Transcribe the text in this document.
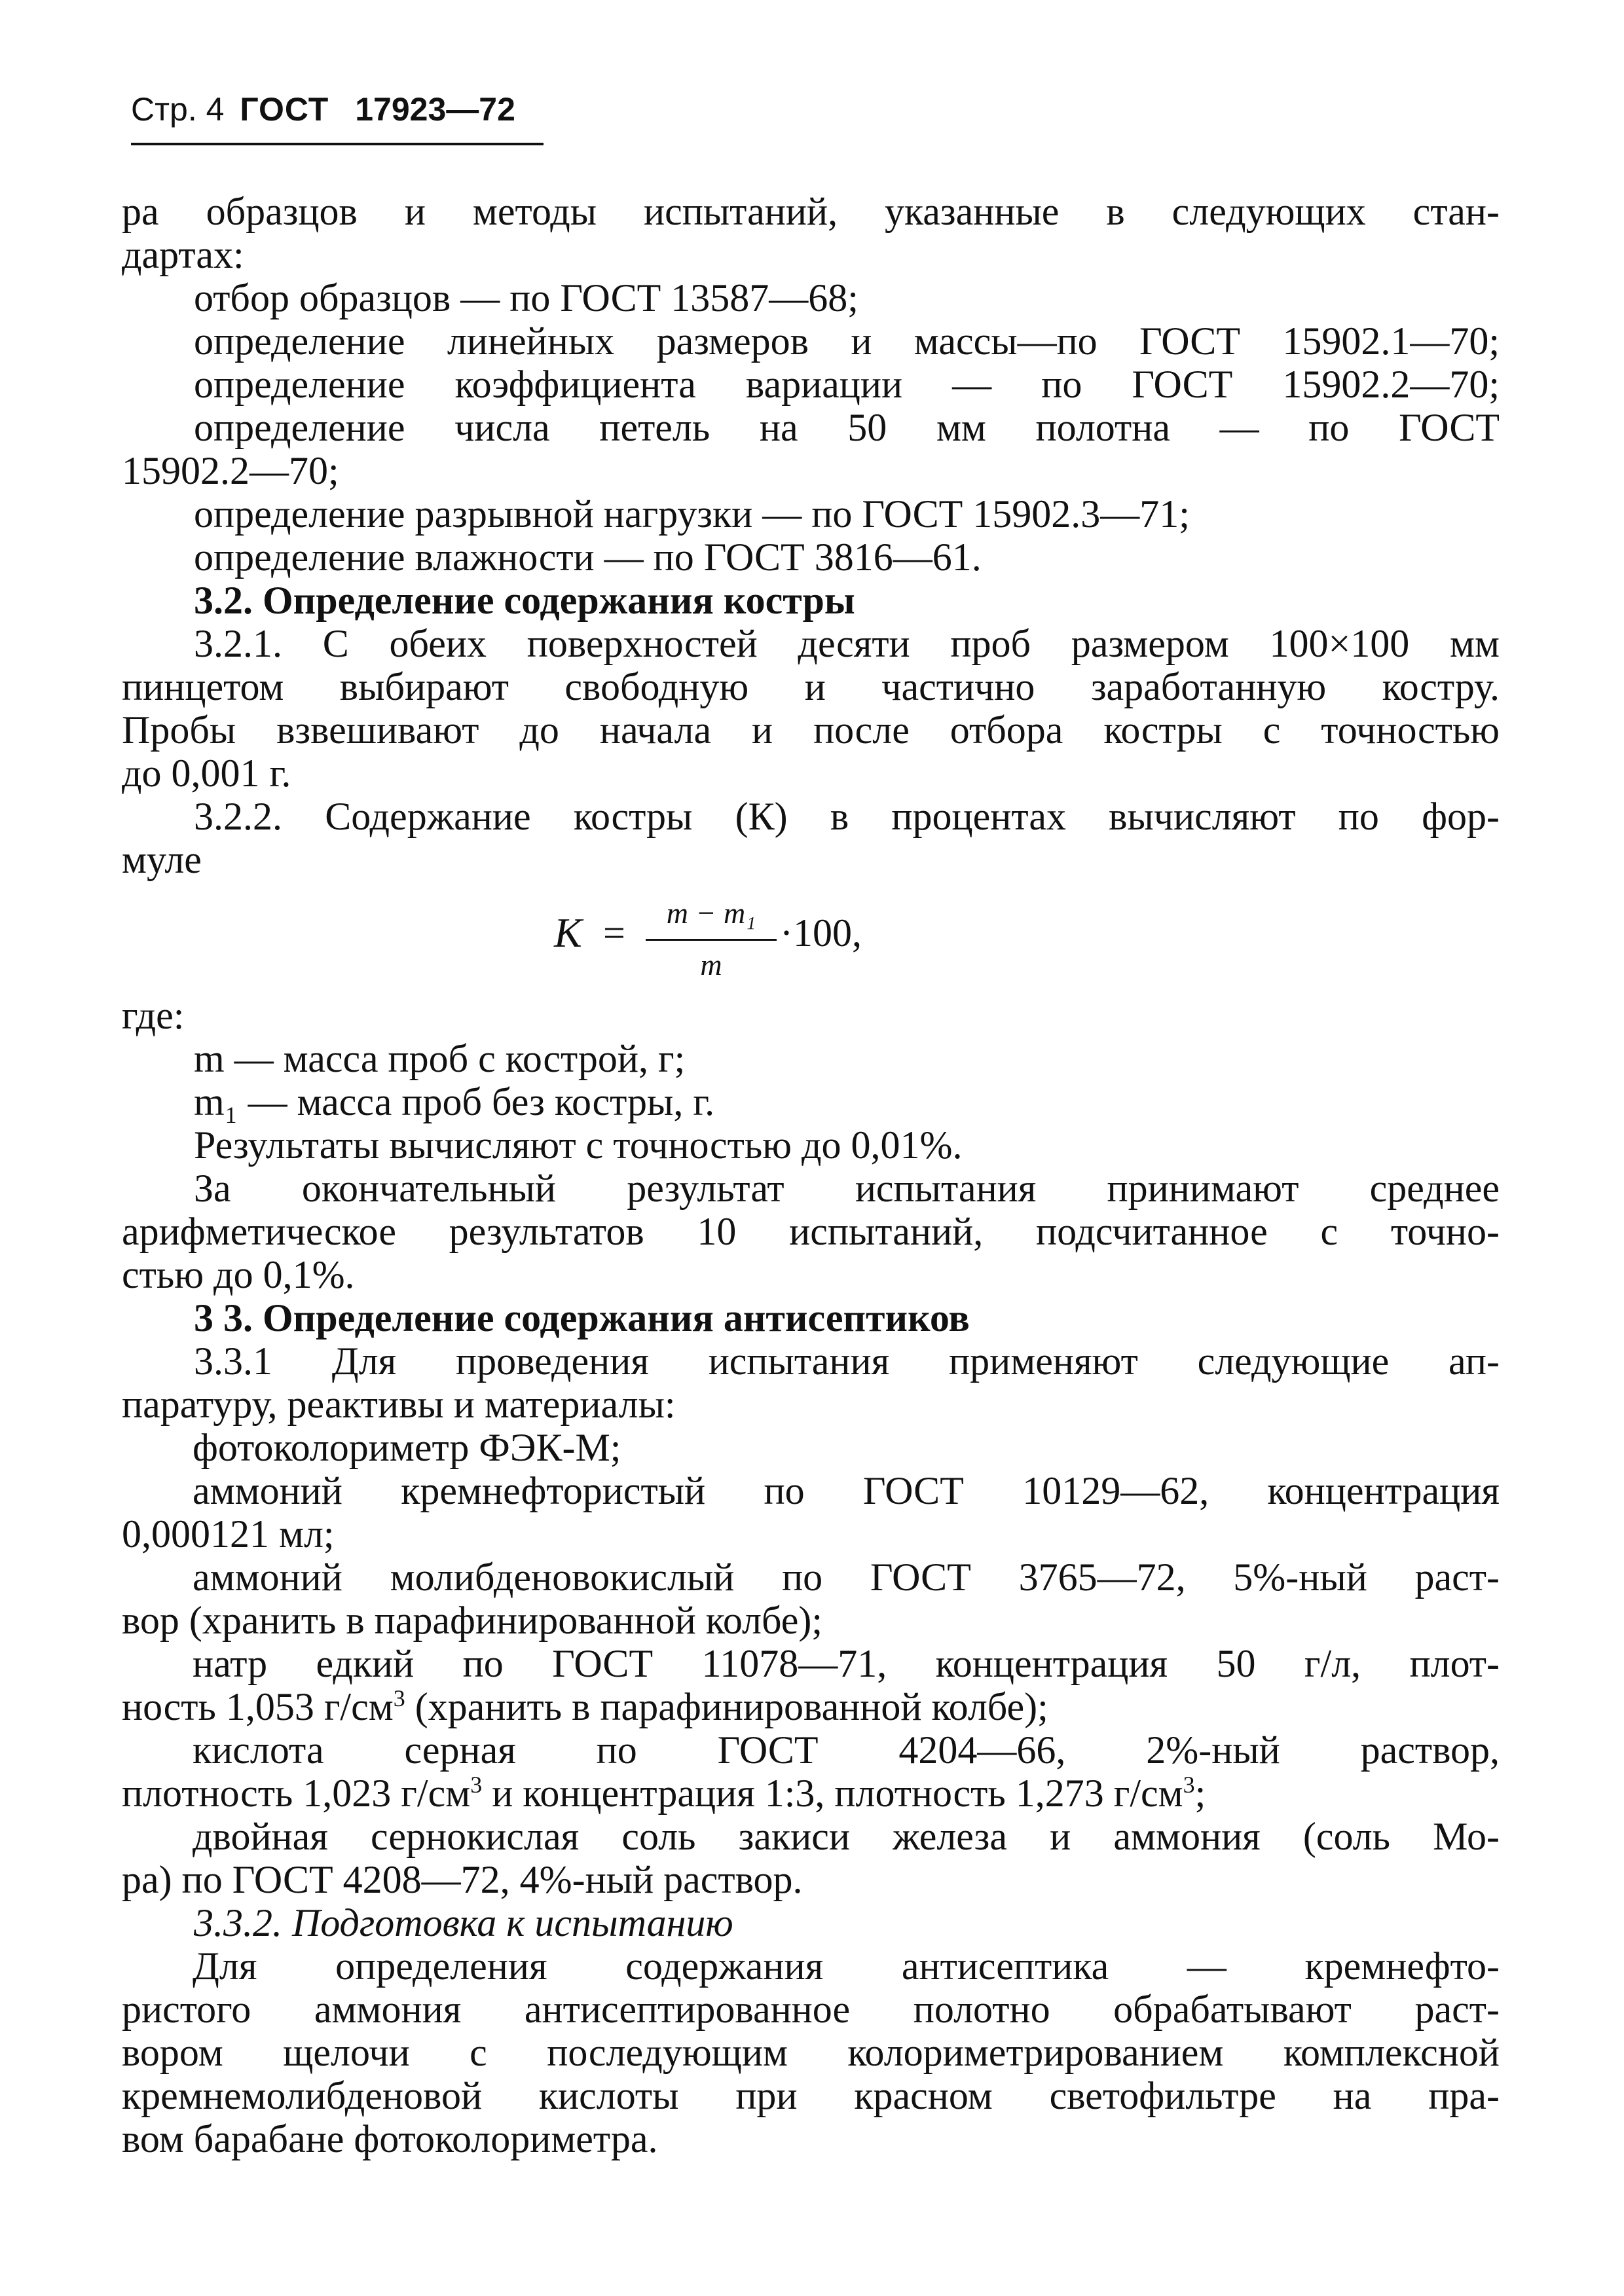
Стр. 4 ГОСТ 17923—72
ра образцов и методы испытаний, указанные в следующих стан-
дартах:
отбор образцов — по ГОСТ 13587—68;
определение линейных размеров и массы—по ГОСТ 15902.1—70;
определение коэффициента вариации — по ГОСТ 15902.2—70;
определение числа петель на 50 мм полотна — по ГОСТ
15902.2—70;
определение разрывной нагрузки — по ГОСТ 15902.3—71;
определение влажности — по ГОСТ 3816—61.
3.2. Определение содержания костры
3.2.1. С обеих поверхностей десяти проб размером 100×100 мм
пинцетом выбирают свободную и частично заработанную костру.
Пробы взвешивают до начала и после отбора костры с точностью
до 0,001 г.
3.2.2. Содержание костры (К) в процентах вычисляют по фор-
муле
K =	m − m₁
m
·100,
где:
m — масса проб с кострой, г;
m₁ — масса проб без костры, г.
Результаты вычисляют с точностью до 0,01%.
За окончательный результат испытания принимают среднее
арифметическое результатов 10 испытаний, подсчитанное с точно-
стью до 0,1%.
3 3. Определение содержания антисептиков
3.3.1 Для проведения испытания применяют следующие ап-
паратуру, реактивы и материалы:
фотоколориметр ФЭК-М;
аммоний кремнефтористый по ГОСТ 10129—62, концентрация
0,000121 мл;
аммоний молибденовокислый по ГОСТ 3765—72, 5%-ный раст-
вор (хранить в парафинированной колбе);
натр едкий по ГОСТ 11078—71, концентрация 50 г/л, плот-
ность 1,053 $г/см^3$ (хранить в парафинированной колбе);
кислота серная по ГОСТ 4204—66, 2%-ный раствор,
плотность 1,023 $г/см^3$ и концентрация 1:3, плотность 1,273 $г/см^3$;
двойная сернокислая соль закиси железа и аммония (соль Мо-
ра) по ГОСТ 4208—72, 4%-ный раствор.
3.3.2. Подготовка к испытанию
Для определения содержания антисептика — кремнефто-
ристого аммония антисептированное полотно обрабатывают раст-
вором щелочи с последующим колориметрированием комплексной
кремнемолибденовой кислоты при красном светофильтре на пра-
вом барабане фотоколориметра.
